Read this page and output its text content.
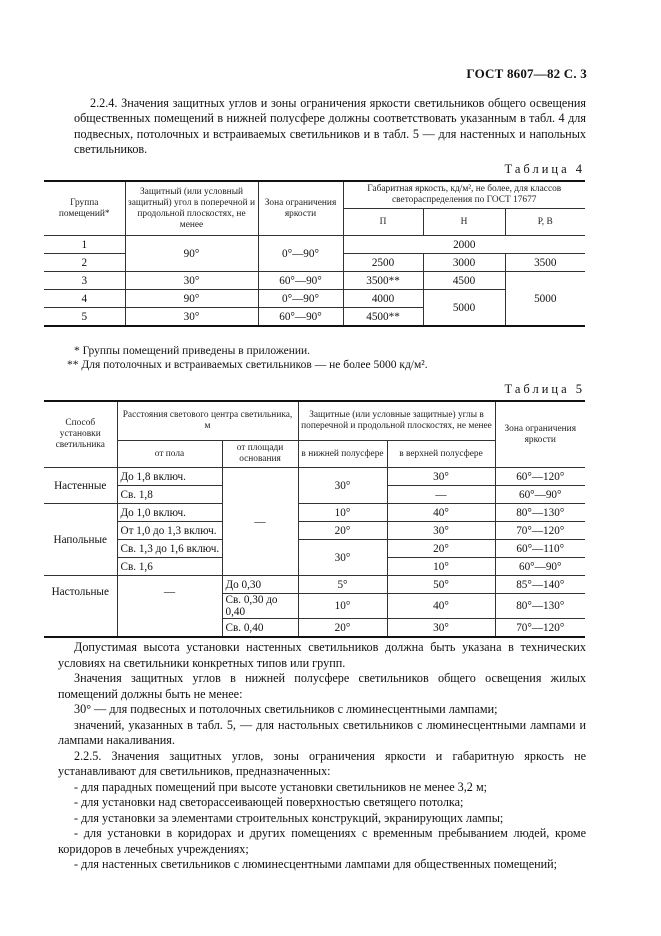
ГОСТ 8607—82 С. 3

2.2.4. Значения защитных углов и зоны ограничения яркости светильников общего освещения общественных помещений в нижней полусфере должны соответствовать указанным в табл. 4 для подвесных, потолочных и встраиваемых светильников и в табл. 5 — для настенных и напольных светильников.

Таблица 4
Группа помещений*	Защитный (или условный защитный) угол в поперечной и продольной плоскостях, не менее	Зона ограничения яркости	Габаритная яркость, кд/м², не более, для классов светораспределения по ГОСТ 17677		
			П	Н	Р, В
1	90°	0°—90°	2000		
2			2500	3000	3500
3	30°	60°—90°	3500**	4500	5000
4	90°	0°—90°	4000	5000	
5	30°	60°—90°	4500**		
* Группы помещений приведены в приложении.
** Для потолочных и встраиваемых светильников — не более 5000 кд/м².
Таблица 5
Способ установки светильника	Расстояния светового центра светильника, м		Защитные (или условные защитные) углы в поперечной и продольной плоскостях, не менее		Зона ограничения яркости
	от пола	от площади основания	в нижней полусфере	в верхней полусфере	
Настенные	До 1,8 включ.	—	30°	30°	60°—120°
	Св. 1,8			—	60°—90°
Напольные	До 1,0 включ.		10°	40°	80°—130°
	От 1,0 до 1,3 включ.		20°	30°	70°—120°
	Св. 1,3 до 1,6 включ.		30°	20°	60°—110°
	Св. 1,6			10°	60°—90°
Настольные	—	До 0,30	5°	50°	85°—140°
		Св. 0,30 до 0,40	10°	40°	80°—130°
		Св. 0,40	20°	30°	70°—120°

Допустимая высота установки настенных светильников должна быть указана в технических условиях на светильники конкретных типов или групп.

Значения защитных углов в нижней полусфере светильников общего освещения жилых помещений должны быть не менее:

30° — для подвесных и потолочных светильников с люминесцентными лампами;

значений, указанных в табл. 5, — для настольных светильников с люминесцентными лампами и лампами накаливания.

2.2.5. Значения защитных углов, зоны ограничения яркости и габаритную яркость не устанавливают для светильников, предназначенных:

- для парадных помещений при высоте установки светильников не менее 3,2 м;

- для установки над светорассеивающей поверхностью светящего потолка;

- для установки за элементами строительных конструкций, экранирующих лампы;

- для установки в коридорах и других помещениях с временным пребыванием людей, кроме коридоров в лечебных учреждениях;

- для настенных светильников с люминесцентными лампами для общественных помещений;
